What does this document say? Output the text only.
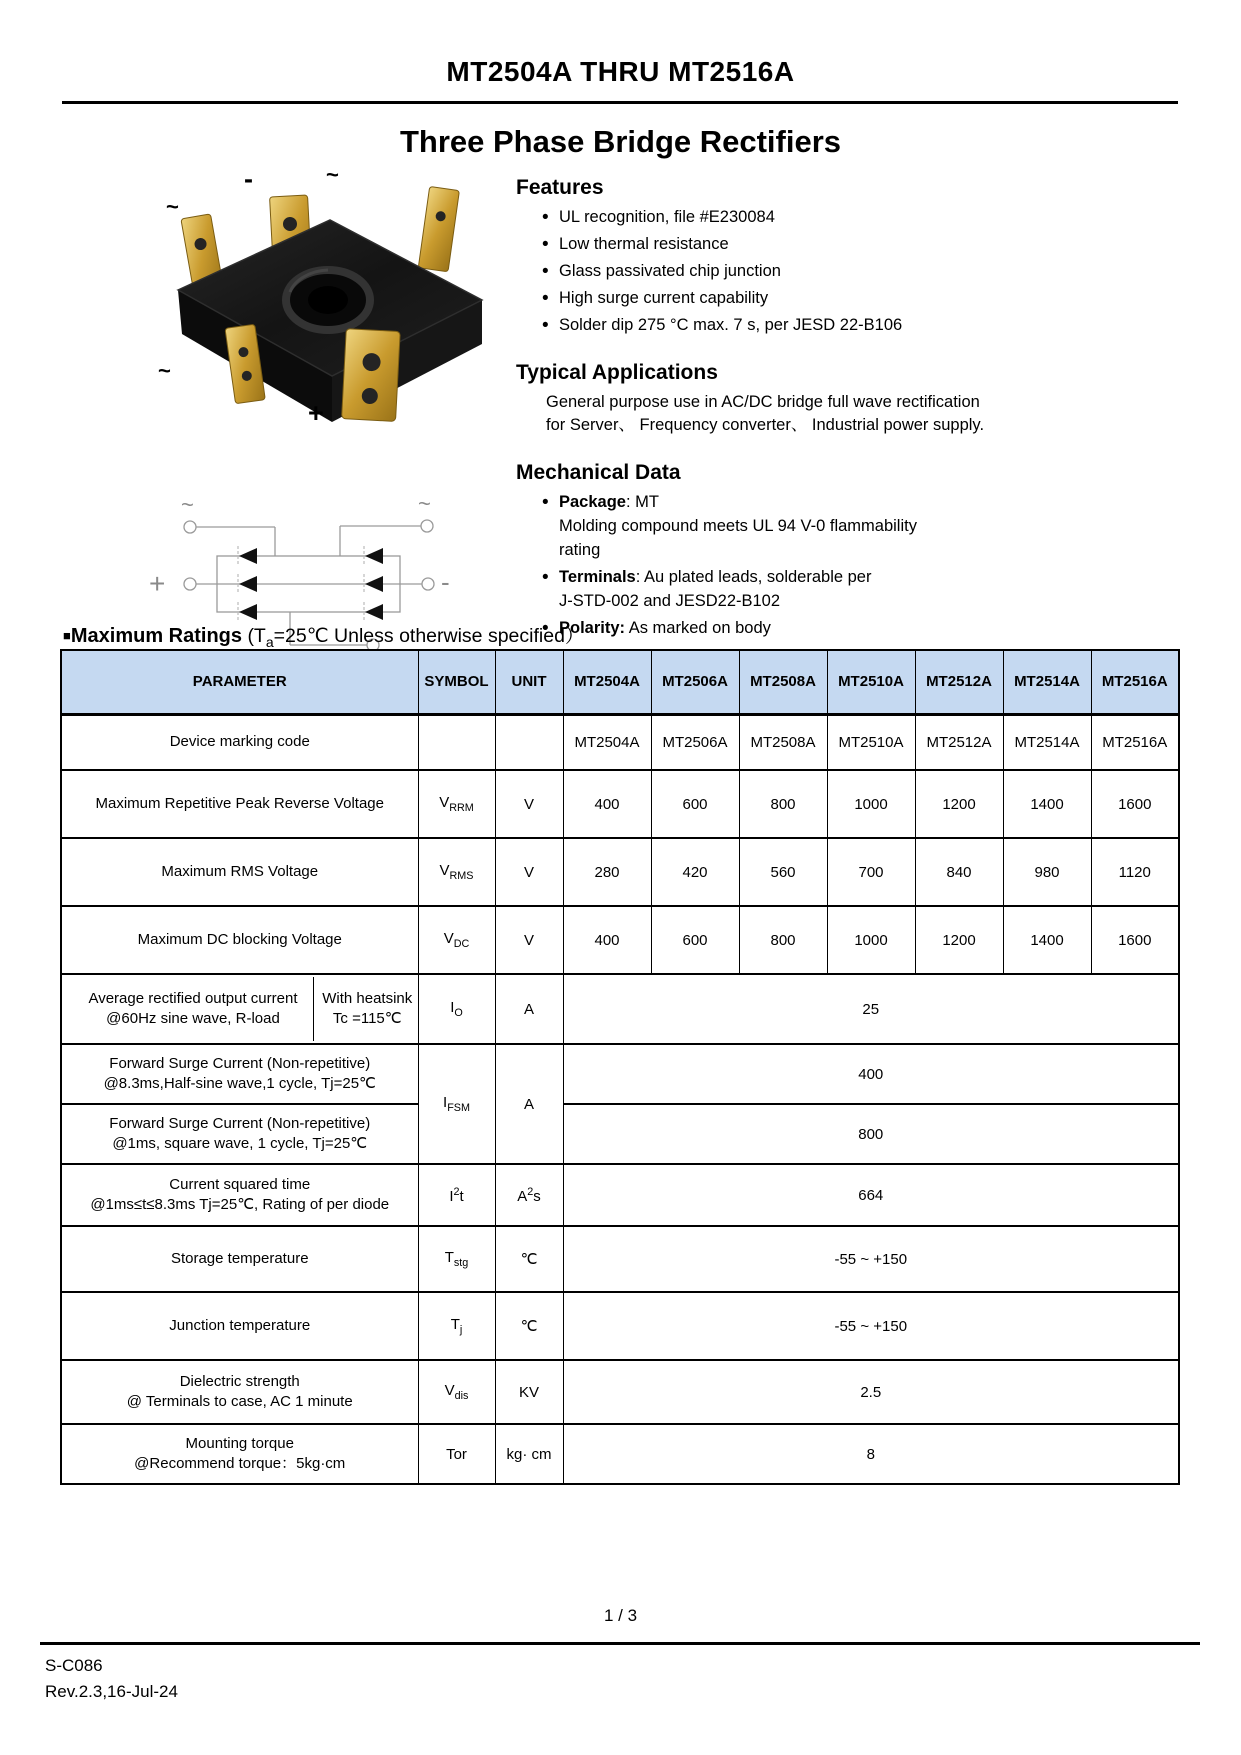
MT2504A THRU MT2516A
Three Phase Bridge Rectifiers
~
-	~
~
+
~	~
+	-
Features
• UL recognition, file #E230084
• Low thermal resistance
• Glass passivated chip junction
• High surge current capability
• Solder dip 275 °C max. 7 s, per JESD 22-B106
Typical Applications
General purpose use in AC/DC bridge full wave rectification
for Server、 Frequency converter、 Industrial power supply.
Mechanical Data
• Package: MT
Molding compound meets UL 94 V-0 flammability
rating
• Terminals: Au plated leads, solderable per
J-STD-002 and JESD22-B102
• Polarity: As marked on body
■Maximum Ratings ($T_a=25℃$ Unless otherwise specified）
PARAMETER	SYMBOL	UNIT	MT2504A	MT2506A	MT2508A	MT2510A	MT2512A	MT2514A	MT2516A
Device marking code			MT2504A	MT2506A	MT2508A	MT2510A	MT2512A	MT2514A	MT2516A
Maximum Repetitive Peak Reverse Voltage	$V_{RRM}$	V	400	600	800	1000	1200	1400	1600
Maximum RMS Voltage	$V_{RMS}$	V	280	420	560	700	840	980	1120
Maximum DC blocking Voltage	$V_{DC}$	V	400	600	800	1000	1200	1400	1600

Average rectified output current
@60Hz sine wave, R-load
With heatsink
Tc =115℃	$I_O$	A	25						

Forward Surge Current (Non-repetitive)
@8.3ms,Half-sine wave,1 cycle, Tj=25℃	$I_{FSM}$	A	400						

Forward Surge Current (Non-repetitive)
@1ms, square wave, 1 cycle, Tj=25℃			800						

Current squared time
@1ms≤t≤8.3ms Tj=25℃, Rating of per diode	$I^2t$	$A^2s$	664						
Storage temperature	$T_{stg}$	℃	-55 ~ +150						
Junction temperature	$T_j$	℃	-55 ~ +150						

Dielectric strength
@ Terminals to case, AC 1 minute	$V_{dis}$	KV	2.5						

Mounting torque
@Recommend torque：5kg·cm	Tor	kg· cm	8						
1 / 3
S-C086
Rev.2.3,16-Jul-24
